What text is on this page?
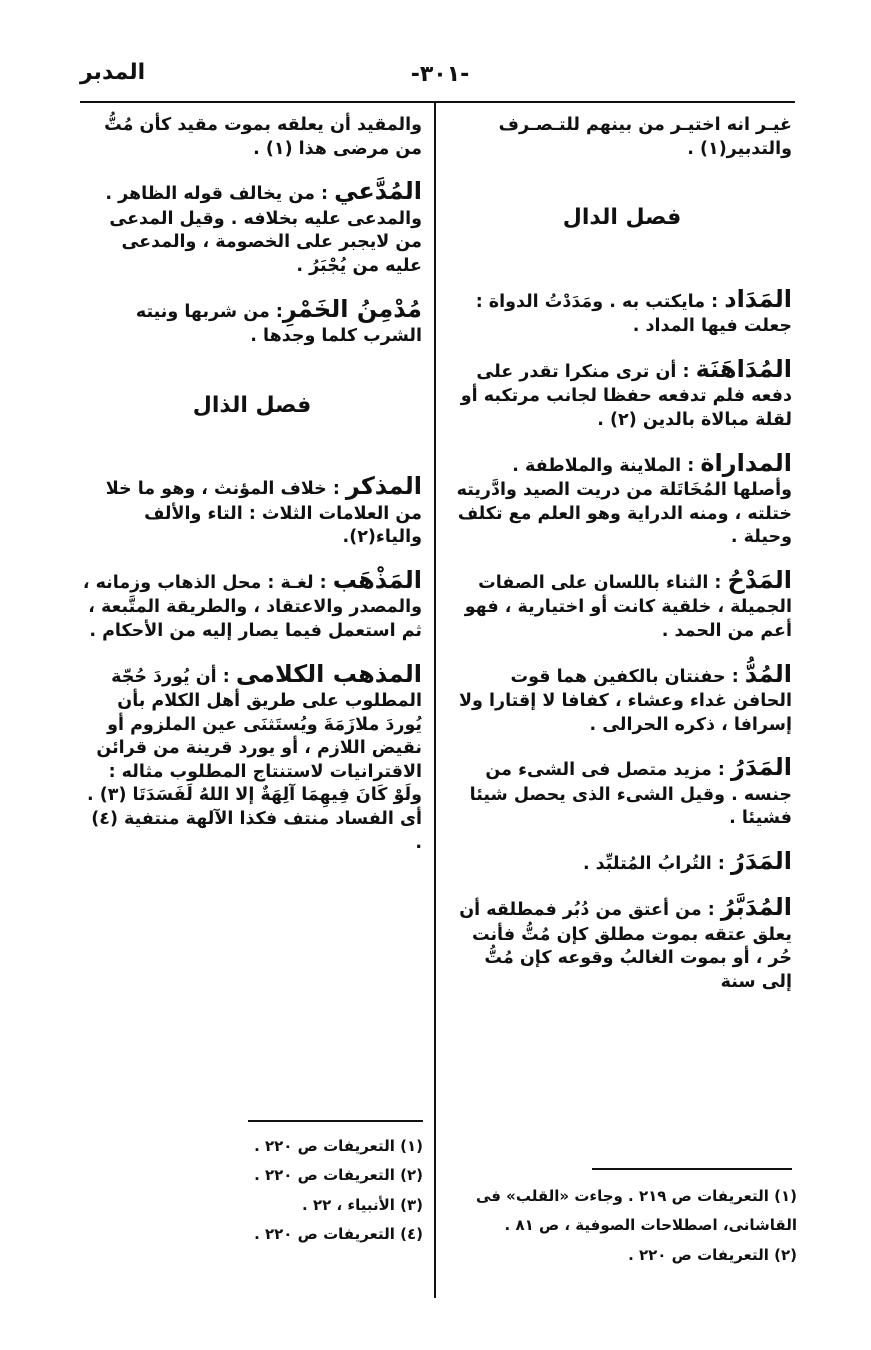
المدبر	-٣٠١-

غيـر انه اختيـر من بينهم للتـصـرف والتدبير(١) .

فصل الدال

المَدَاد : مايكتب به . ومَدَدْتُ الدواة : جعلت فيها المداد .

المُدَاهَنَة : أن ترى منكرا تقدر على دفعه فلم تدفعه حفظا لجانب مرتكبه أو لقلة مبالاة بالدين (٢) .

المداراة : الملاينة والملاطفة . وأصلها المُخَاتَلة من دريت الصيد وادَّريته ختلته ، ومنه الدراية وهو العلم مع تكلف وحيلة .

المَدْحُ : الثناء باللسان على الصفات الجميلة ، خلقية كانت أو اختيارية ، فهو أعم من الحمد .

المُدُّ : حفنتان بالكفين هما قوت الحافن غداء وعشاء ، كفافا لا إقتارا ولا إسرافا ، ذكره الحرالى .

المَدَرُ : مزيد متصل فى الشىء من جنسه . وقيل الشىء الذى يحصل شيئا فشيئا .

المَدَرُ : التُرابُ المُتلبِّد .

المُدَبَّرُ : من أعتق من دُبُر فمطلقه أن يعلق عتقه بموت مطلق كإن مُتُّ فأنت حُر ، أو بموت الغالبُ وقوعه كإن مُتُّ إلى سنة

والمقيد أن يعلقه بموت مقيد كأن مُتُّ من مرضى هذا (١) .

المُدَّعي : من يخالف قوله الظاهر . والمدعى عليه بخلافه . وقيل المدعى من لايجبر على الخصومة ، والمدعى عليه من يُجْبَرُ .

مُدْمِنُ الخَمْرِ: من شربها ونيته الشرب كلما وجدها .

فصل الذال

المذكر : خلاف المؤنث ، وهو ما خلا من العلامات الثلاث : التاء والألف والياء(٢).

المَذْهَب : لغـة : محل الذهاب وزمانه ، والمصدر والاعتقاد ، والطريقة المتَّبعة ، ثم استعمل فيما يصار إليه من الأحكام .

المذهب الكلامى : أن يُوردَ حُجّة المطلوب على طريق أهل الكلام بأن يُوردَ ملازَمَةَ ويُستَثنَى عين الملزوم أو نقيض اللازم ، أو يورد قرينة من قرائن الاقترانيات لاستنتاج المطلوب مثاله : ولَوْ كَانَ فِيهِمَا آلِهَةٌ إلا اللهُ لَفَسَدَتَا (٣) . أى الفساد منتف فكذا الآلهة منتفية (٤) .

(١) التعريفات ص ٢١٩ . وجاءت «القلب» فى القاشانى، اصطلاحات الصوفية ، ص ٨١ .

(٢) التعريفات ص ٢٢٠ .

(١) التعريفات ص ٢٢٠ .

(٢) التعريفات ص ٢٢٠ .

(٣) الأنبياء ، ٢٢ .

(٤) التعريفات ص ٢٢٠ .
